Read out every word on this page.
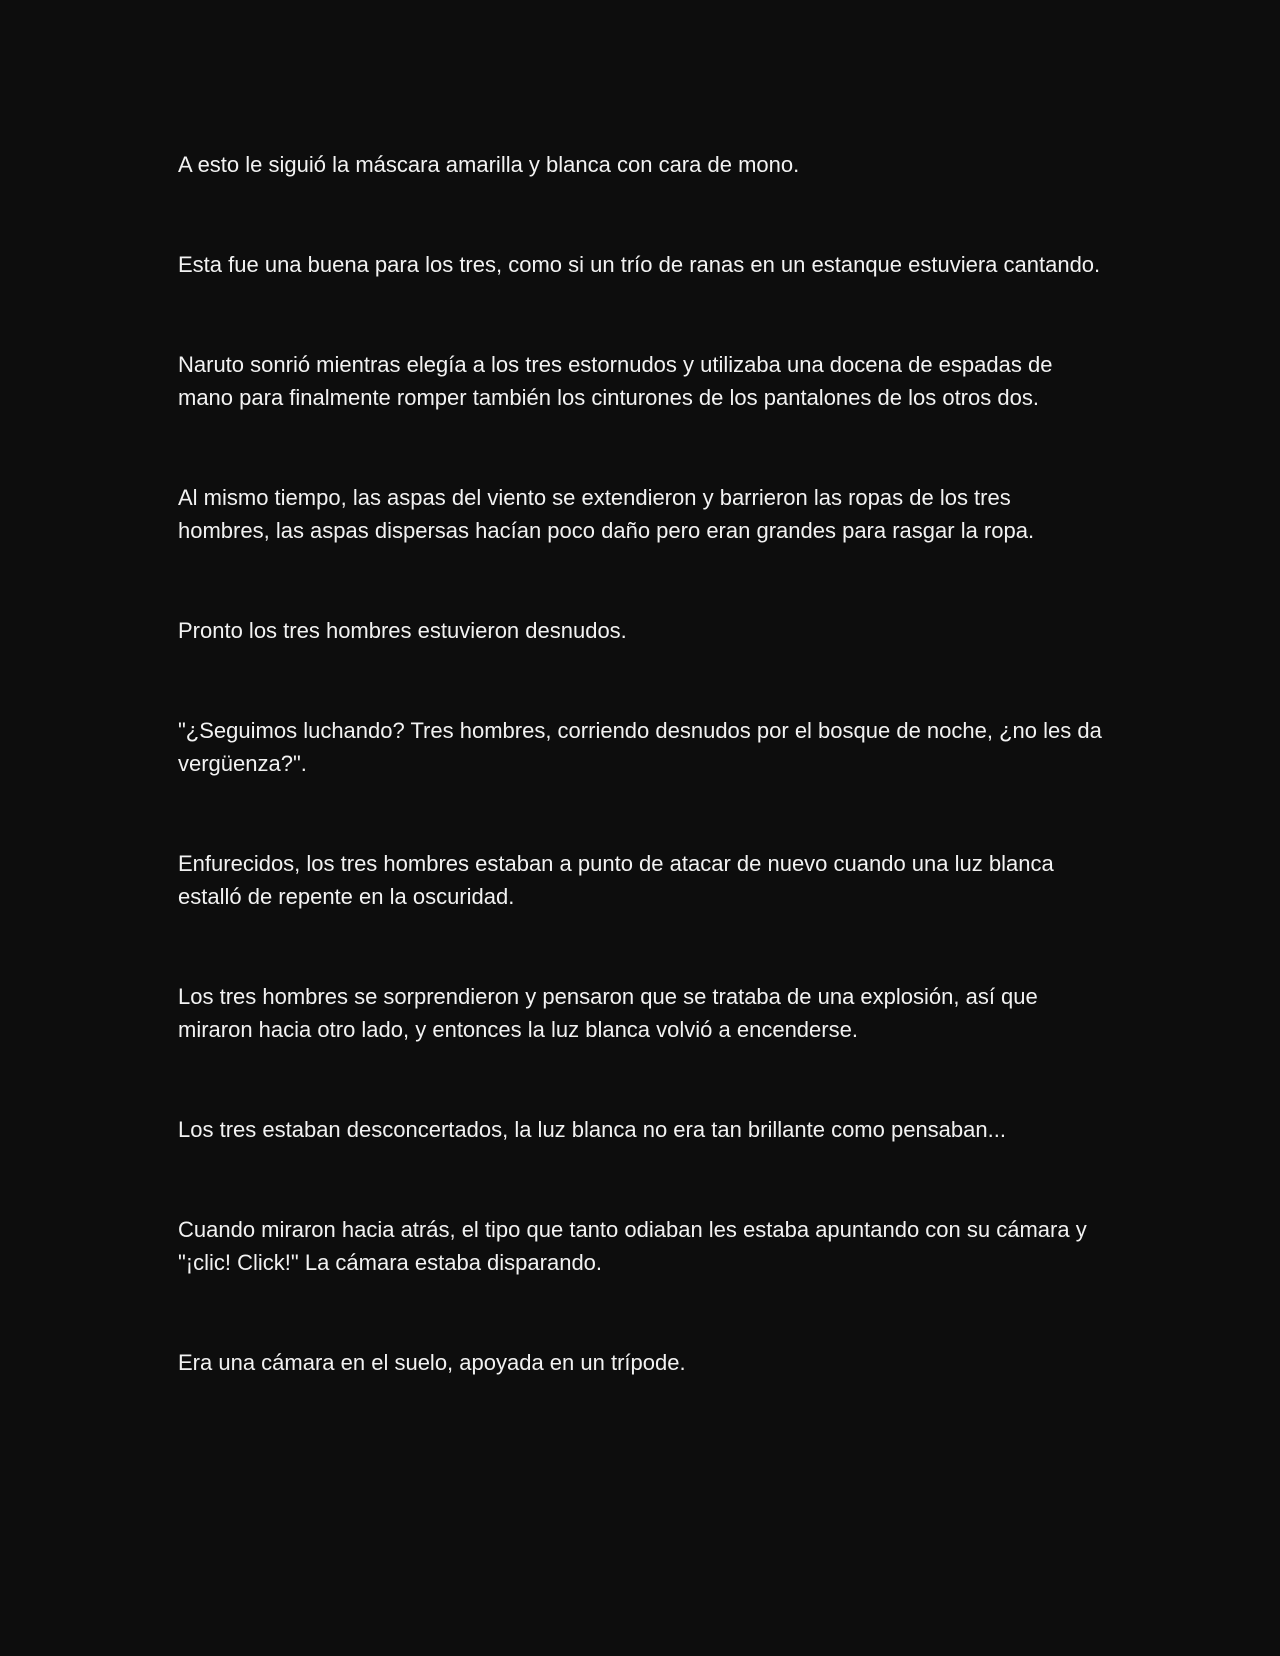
A esto le siguió la máscara amarilla y blanca con cara de mono.

Esta fue una buena para los tres, como si un trío de ranas en un estanque estuviera cantando.

Naruto sonrió mientras elegía a los tres estornudos y utilizaba una docena de espadas de mano para finalmente romper también los cinturones de los pantalones de los otros dos.

Al mismo tiempo, las aspas del viento se extendieron y barrieron las ropas de los tres hombres, las aspas dispersas hacían poco daño pero eran grandes para rasgar la ropa.

Pronto los tres hombres estuvieron desnudos.

"¿Seguimos luchando? Tres hombres, corriendo desnudos por el bosque de noche, ¿no les da vergüenza?".

Enfurecidos, los tres hombres estaban a punto de atacar de nuevo cuando una luz blanca estalló de repente en la oscuridad.

Los tres hombres se sorprendieron y pensaron que se trataba de una explosión, así que miraron hacia otro lado, y entonces la luz blanca volvió a encenderse.

Los tres estaban desconcertados, la luz blanca no era tan brillante como pensaban...

Cuando miraron hacia atrás, el tipo que tanto odiaban les estaba apuntando con su cámara y "¡clic! Click!" La cámara estaba disparando.

Era una cámara en el suelo, apoyada en un trípode.
